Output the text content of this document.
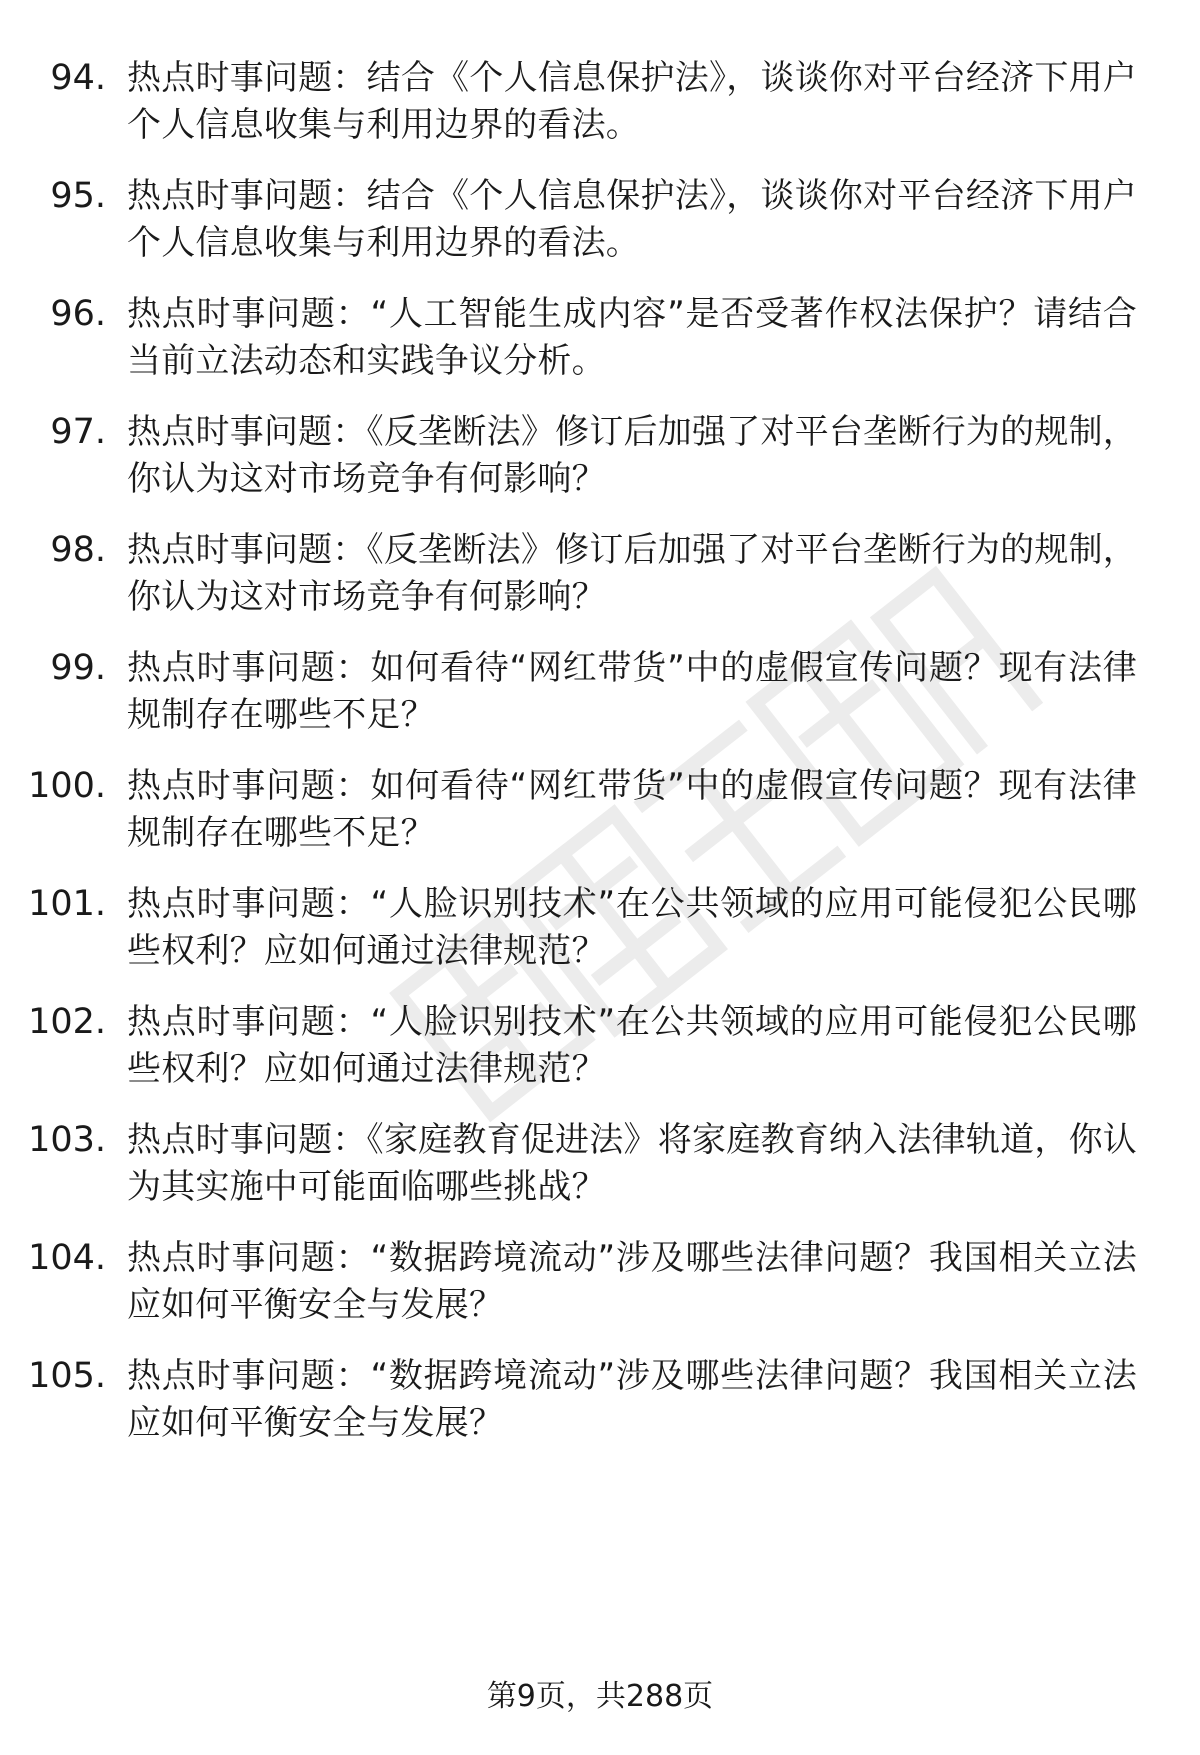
94. 热点时事问题：结合《个人信息保护法》，谈谈你对平台经济下用户个人信息收集与利用边界的看法。
95. 热点时事问题：结合《个人信息保护法》，谈谈你对平台经济下用户个人信息收集与利用边界的看法。
96. 热点时事问题：“人工智能生成内容”是否受著作权法保护？请结合当前立法动态和实践争议分析。
97. 热点时事问题：《反垄断法》修订后加强了对平台垄断行为的规制，你认为这对市场竞争有何影响？
98. 热点时事问题：《反垄断法》修订后加强了对平台垄断行为的规制，你认为这对市场竞争有何影响？
99. 热点时事问题：如何看待“网红带货”中的虚假宣传问题？现有法律规制存在哪些不足？
100. 热点时事问题：如何看待“网红带货”中的虚假宣传问题？现有法律规制存在哪些不足？
101. 热点时事问题：“人脸识别技术”在公共领域的应用可能侵犯公民哪些权利？应如何通过法律规范？
102. 热点时事问题：“人脸识别技术”在公共领域的应用可能侵犯公民哪些权利？应如何通过法律规范？
103. 热点时事问题：《家庭教育促进法》将家庭教育纳入法律轨道，你认为其实施中可能面临哪些挑战？
104. 热点时事问题：“数据跨境流动”涉及哪些法律问题？我国相关立法应如何平衡安全与发展？
105. 热点时事问题：“数据跨境流动”涉及哪些法律问题？我国相关立法应如何平衡安全与发展？
第9页，共288页
